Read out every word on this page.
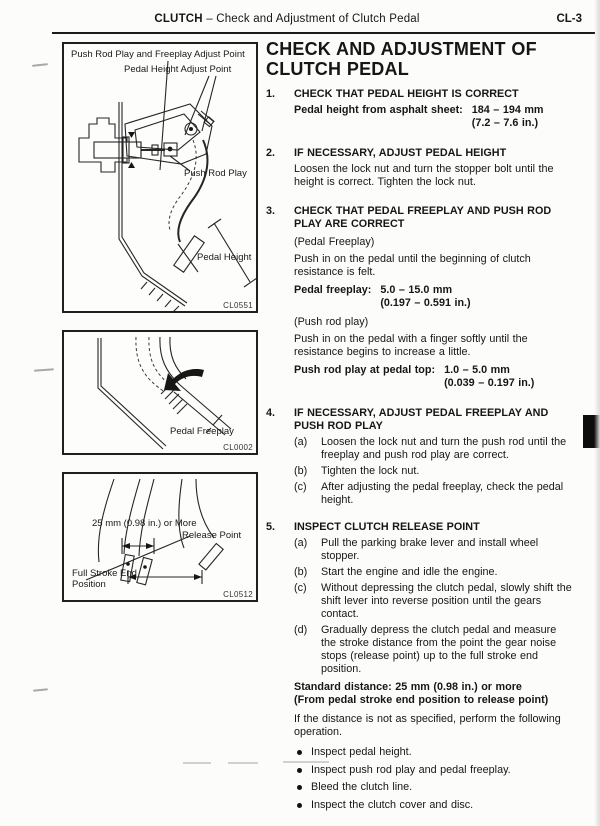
CLUTCH – Check and Adjustment of Clutch Pedal	CL-3
Push Rod Play and Freeplay Adjust Point
Pedal Height Adjust Point
Push Rod Play
Pedal Height
CL0551
Pedal Freeplay
CL0002
25 mm (0.98 in.) or More
Release Point
Full Stroke End Position
CL0512
CHECK AND ADJUSTMENT OF CLUTCH PEDAL
1.	CHECK THAT PEDAL HEIGHT IS CORRECT
Pedal height from asphalt sheet: 184 – 194 mm
(7.2 – 7.6 in.)
2.	IF NECESSARY, ADJUST PEDAL HEIGHT
Loosen the lock nut and turn the stopper bolt until the height is correct. Tighten the lock nut.
3.	CHECK THAT PEDAL FREEPLAY AND PUSH ROD PLAY ARE CORRECT
(Pedal Freeplay)
Push in on the pedal until the beginning of clutch resistance is felt.
Pedal freeplay: 5.0 – 15.0 mm
(0.197 – 0.591 in.)
(Push rod play)
Push in on the pedal with a finger softly until the resistance begins to increase a little.
Push rod play at pedal top: 1.0 – 5.0 mm
(0.039 – 0.197 in.)
4.	IF NECESSARY, ADJUST PEDAL FREEPLAY AND PUSH ROD PLAY
(a)	Loosen the lock nut and turn the push rod until the freeplay and push rod play are correct.
(b)	Tighten the lock nut.
(c)	After adjusting the pedal freeplay, check the pedal height.
5.	INSPECT CLUTCH RELEASE POINT
(a)	Pull the parking brake lever and install wheel stopper.
(b)	Start the engine and idle the engine.
(c)	Without depressing the clutch pedal, slowly shift the shift lever into reverse position until the gears contact.
(d)	Gradually depress the clutch pedal and measure the stroke distance from the point the gear noise stops (release point) up to the full stroke end position.
Standard distance: 25 mm (0.98 in.) or more
(From pedal stroke end position to release point)
If the distance is not as specified, perform the following operation.
Inspect pedal height.
Inspect push rod play and pedal freeplay.
Bleed the clutch line.
Inspect the clutch cover and disc.
